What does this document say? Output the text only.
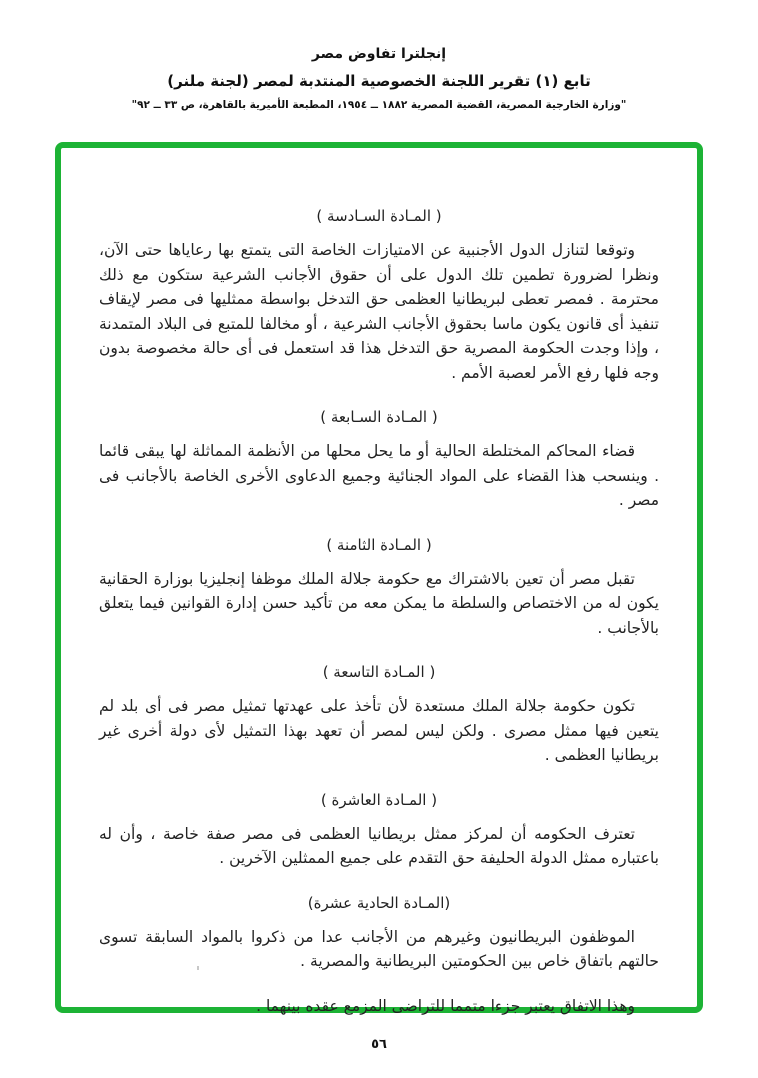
إنجلترا تفاوض مصر

تابع (١) تقرير اللجنة الخصوصية المنتدبة لمصر (لجنة ملنر)

"وزارة الخارجية المصرية، القضية المصرية ١٨٨٢ ــ ١٩٥٤، المطبعة الأميرية بالقاهرة، ص ٣٣ ــ ٩٢"

( المـادة السـادسة )

وتوقعا لتنازل الدول الأجنبية عن الامتيازات الخاصة التى يتمتع بها رعاياها حتى الآن، ونظرا لضرورة تطمين تلك الدول على أن حقوق الأجانب الشرعية ستكون مع ذلك محترمة . فمصر تعطى لبريطانيا العظمى حق التدخل بواسطة ممثليها فى مصر لإيقاف تنفيذ أى قانون يكون ماسا بحقوق الأجانب الشرعية ، أو مخالفا للمتبع فى البلاد المتمدنة ، وإذا وجدت الحكومة المصرية حق التدخل هذا قد استعمل فى أى حالة مخصوصة بدون وجه فلها رفع الأمر لعصبة الأمم .

( المـادة السـابعة )

قضاء المحاكم المختلطة الحالية أو ما يحل محلها من الأنظمة المماثلة لها يبقى قائما . وينسحب هذا القضاء على المواد الجنائية وجميع الدعاوى الأخرى الخاصة بالأجانب فى مصر .

( المـادة الثامنة )

تقبل مصر أن تعين بالاشتراك مع حكومة جلالة الملك موظفا إنجليزيا بوزارة الحقانية يكون له من الاختصاص والسلطة ما يمكن معه من تأكيد حسن إدارة القوانين فيما يتعلق بالأجانب .

( المـادة التاسعة )

تكون حكومة جلالة الملك مستعدة لأن تأخذ على عهدتها تمثيل مصر فى أى بلد لم يتعين فيها ممثل مصرى . ولكن ليس لمصر أن تعهد بهذا التمثيل لأى دولة أخرى غير بريطانيا العظمى .

( المـادة العاشرة )

تعترف الحكومه أن لمركز ممثل بريطانيا العظمى فى مصر صفة خاصة ، وأن له باعتباره ممثل الدولة الحليفة حق التقدم على جميع الممثلين الآخرين .

(المـادة الحادية عشرة)

الموظفون البريطانيون وغيرهم من الأجانب عدا من ذكروا بالمواد السابقة تسوى حالتهم باتفاق خاص بين الحكومتين البريطانية والمصرية .

وهذا الاتفاق يعتبر جزءا متمما للتراضى المزمع عقده بينهما .

٥٦
